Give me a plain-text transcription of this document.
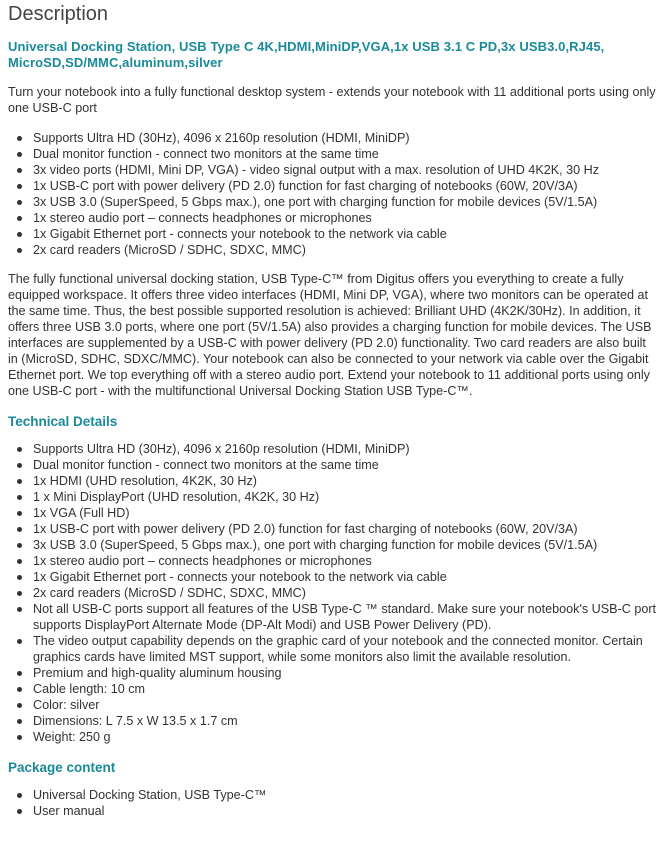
Description
Universal Docking Station, USB Type C 4K,HDMI,MiniDP,VGA,1x USB 3.1 C PD,3x USB3.0,RJ45, MicroSD,SD/MMC,aluminum,silver
Turn your notebook into a fully functional desktop system - extends your notebook with 11 additional ports using only one USB-C port
Supports Ultra HD (30Hz), 4096 x 2160p resolution (HDMI, MiniDP)
Dual monitor function - connect two monitors at the same time
3x video ports (HDMI, Mini DP, VGA) - video signal output with a max. resolution of UHD 4K2K, 30 Hz
1x USB-C port with power delivery (PD 2.0) function for fast charging of notebooks (60W, 20V/3A)
3x USB 3.0 (SuperSpeed, 5 Gbps max.), one port with charging function for mobile devices (5V/1.5A)
1x stereo audio port – connects headphones or microphones
1x Gigabit Ethernet port - connects your notebook to the network via cable
2x card readers (MicroSD / SDHC, SDXC, MMC)
The fully functional universal docking station, USB Type-C™ from Digitus offers you everything to create a fully equipped workspace. It offers three video interfaces (HDMI, Mini DP, VGA), where two monitors can be operated at the same time. Thus, the best possible supported resolution is achieved: Brilliant UHD (4K2K/30Hz). In addition, it offers three USB 3.0 ports, where one port (5V/1.5A) also provides a charging function for mobile devices. The USB interfaces are supplemented by a USB-C with power delivery (PD 2.0) functionality. Two card readers are also built in (MicroSD, SDHC, SDXC/MMC). Your notebook can also be connected to your network via cable over the Gigabit Ethernet port. We top everything off with a stereo audio port. Extend your notebook to 11 additional ports using only one USB-C port - with the multifunctional Universal Docking Station USB Type-C™.
Technical Details
Supports Ultra HD (30Hz), 4096 x 2160p resolution (HDMI, MiniDP)
Dual monitor function - connect two monitors at the same time
1x HDMI (UHD resolution, 4K2K, 30 Hz)
1 x Mini DisplayPort (UHD resolution, 4K2K, 30 Hz)
1x VGA (Full HD)
1x USB-C port with power delivery (PD 2.0) function for fast charging of notebooks (60W, 20V/3A)
3x USB 3.0 (SuperSpeed, 5 Gbps max.), one port with charging function for mobile devices (5V/1.5A)
1x stereo audio port – connects headphones or microphones
1x Gigabit Ethernet port - connects your notebook to the network via cable
2x card readers (MicroSD / SDHC, SDXC, MMC)
Not all USB-C ports support all features of the USB Type-C ™ standard. Make sure your notebook's USB-C port supports DisplayPort Alternate Mode (DP-Alt Modi) and USB Power Delivery (PD).
The video output capability depends on the graphic card of your notebook and the connected monitor. Certain graphics cards have limited MST support, while some monitors also limit the available resolution.
Premium and high-quality aluminum housing
Cable length: 10 cm
Color: silver
Dimensions: L 7.5 x W 13.5 x 1.7 cm
Weight: 250 g
Package content
Universal Docking Station, USB Type-C™
User manual
